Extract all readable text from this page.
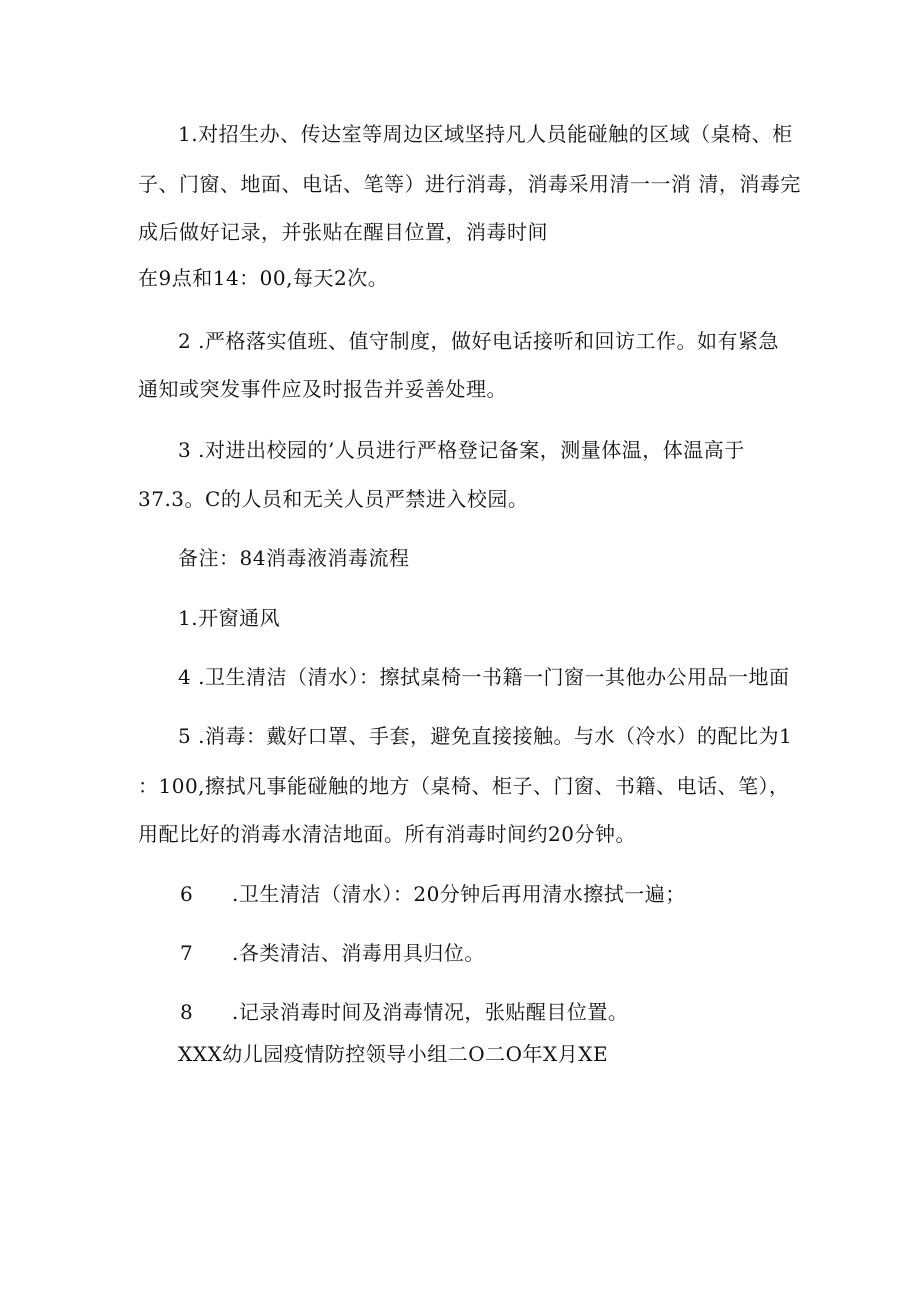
1.对招生办、传达室等周边区域坚持凡人员能碰触的区域（桌椅、柜
子、门窗、地面、电话、笔等）进行消毒，消毒采用清一一消 清，消毒完
成后做好记录，并张贴在醒目位置，消毒时间
在9点和14：00,每天2次。
2 .严格落实值班、值守制度，做好电话接听和回访工作。如有紧急
通知或突发事件应及时报告并妥善处理。
3 .对进出校园的’人员进行严格登记备案，测量体温，体温高于
37.3。C的人员和无关人员严禁进入校园。
备注：84消毒液消毒流程
1.开窗通风
4 .卫生清洁（清水）：擦拭桌椅一书籍一门窗一其他办公用品一地面
5 .消毒：戴好口罩、手套，避免直接接触。与水（冷水）的配比为1
：100,擦拭凡事能碰触的地方（桌椅、柜子、门窗、书籍、电话、笔），
用配比好的消毒水清洁地面。所有消毒时间约20分钟。
6 .卫生清洁（清水）：20分钟后再用清水擦拭一遍；
7 .各类清洁、消毒用具归位。
8 .记录消毒时间及消毒情况，张贴醒目位置。
XXX幼儿园疫情防控领导小组二O二O年X月XE
